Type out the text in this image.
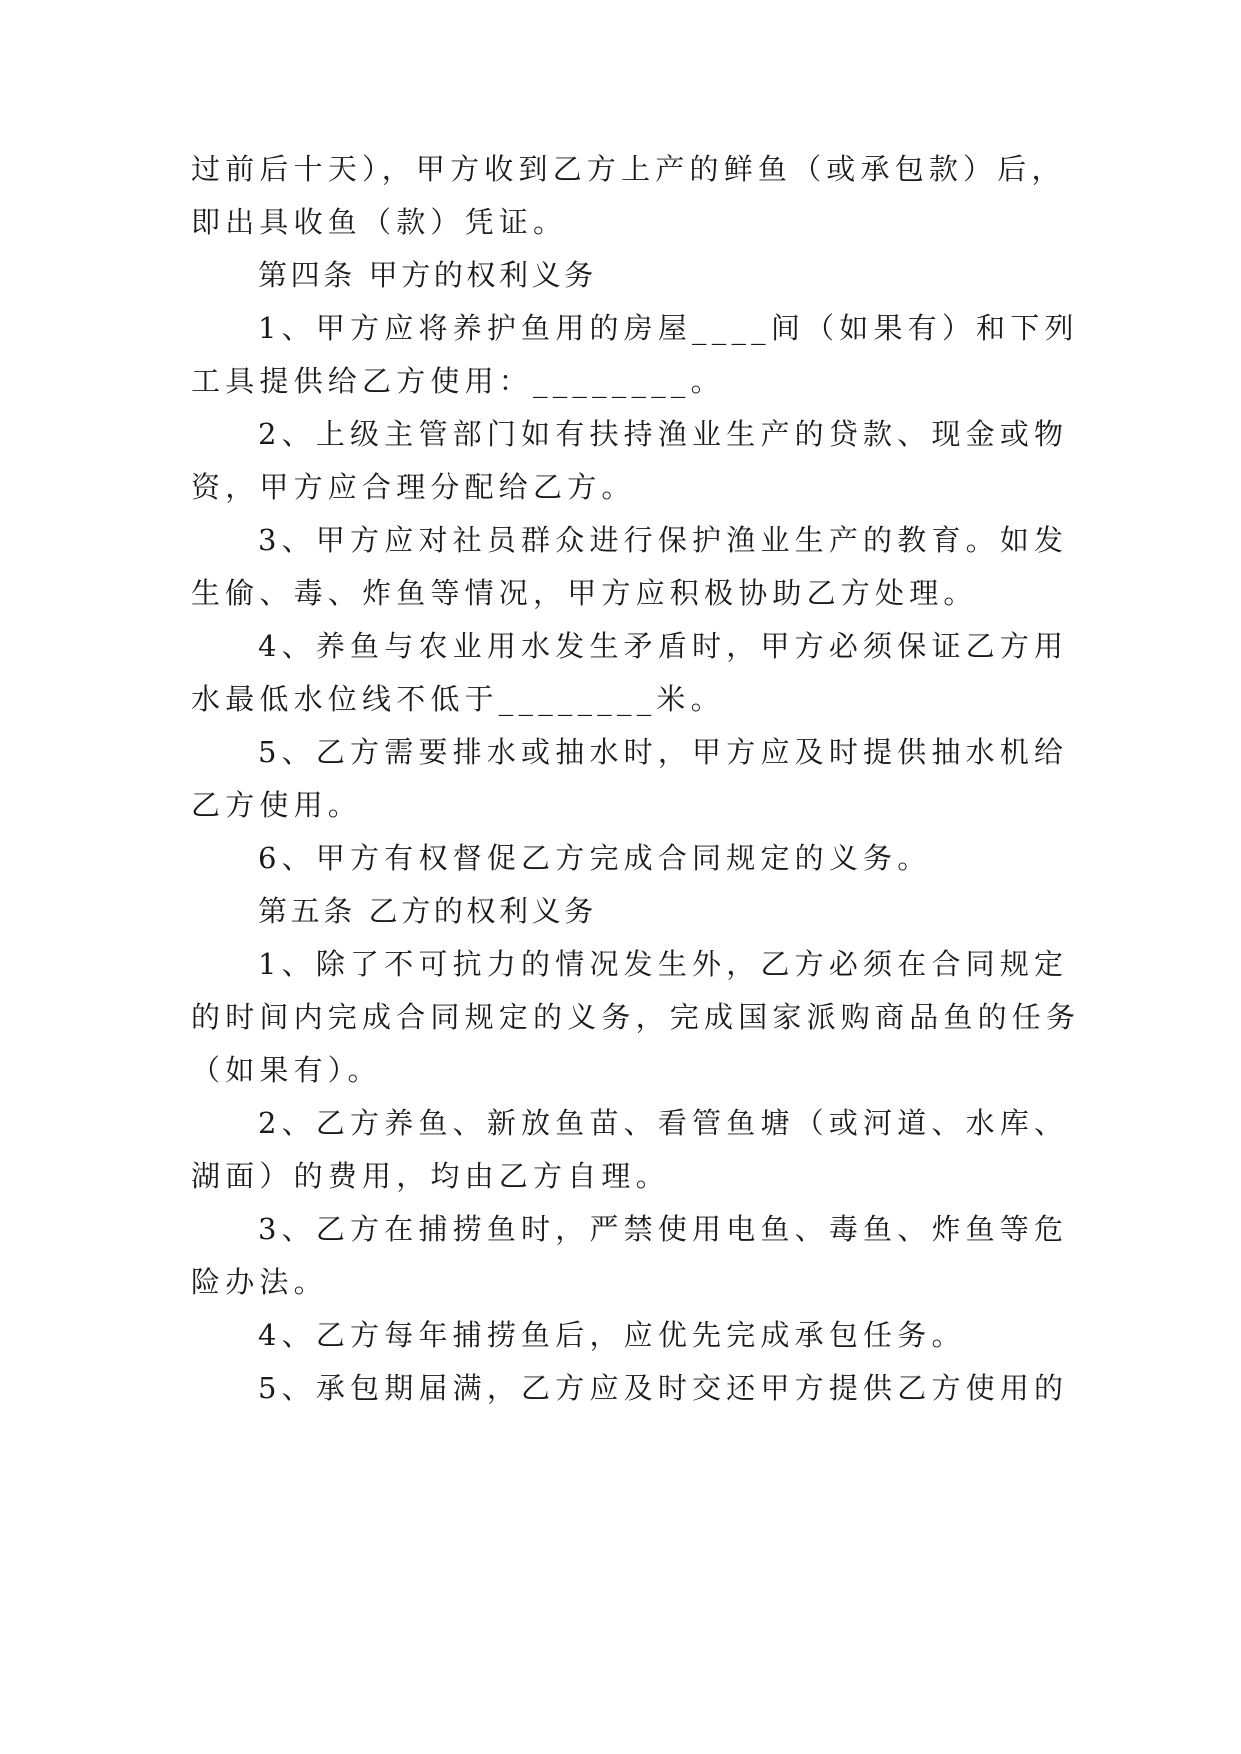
过前后十天），甲方收到乙方上产的鲜鱼（或承包款）后，
即出具收鱼（款）凭证。
第四条 甲方的权利义务
1、甲方应将养护鱼用的房屋____间（如果有）和下列
工具提供给乙方使用：________。
2、上级主管部门如有扶持渔业生产的贷款、现金或物
资，甲方应合理分配给乙方。
3、甲方应对社员群众进行保护渔业生产的教育。如发
生偷、毒、炸鱼等情况，甲方应积极协助乙方处理。
4、养鱼与农业用水发生矛盾时，甲方必须保证乙方用
水最低水位线不低于________米。
5、乙方需要排水或抽水时，甲方应及时提供抽水机给
乙方使用。
6、甲方有权督促乙方完成合同规定的义务。
第五条 乙方的权利义务
1、除了不可抗力的情况发生外，乙方必须在合同规定
的时间内完成合同规定的义务，完成国家派购商品鱼的任务
（如果有）。
2、乙方养鱼、新放鱼苗、看管鱼塘（或河道、水库、
湖面）的费用，均由乙方自理。
3、乙方在捕捞鱼时，严禁使用电鱼、毒鱼、炸鱼等危
险办法。
4、乙方每年捕捞鱼后，应优先完成承包任务。
5、承包期届满，乙方应及时交还甲方提供乙方使用的
